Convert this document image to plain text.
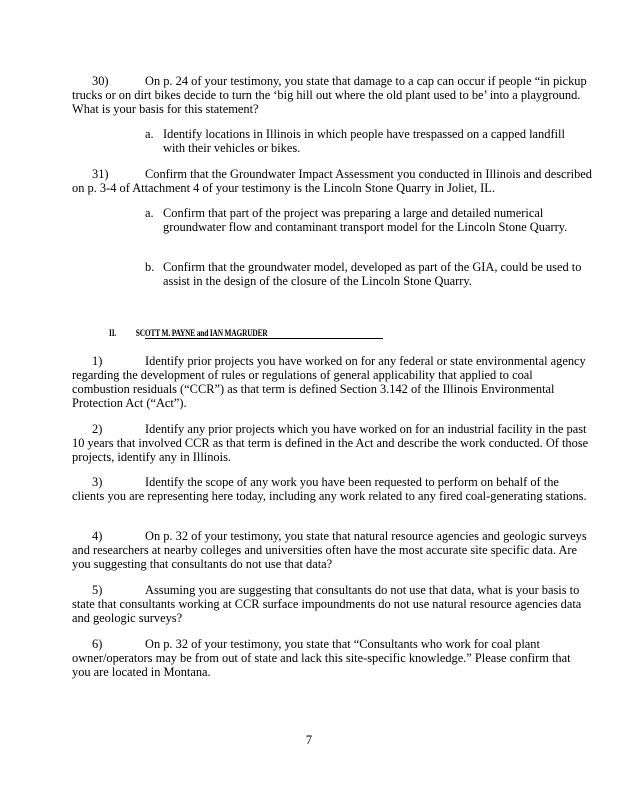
30)	On p. 24 of your testimony, you state that damage to a cap can occur if people “in pickup trucks or on dirt bikes decide to turn the ‘big hill out where the old plant used to be’ into a playground. What is your basis for this statement?
a. Identify locations in Illinois in which people have trespassed on a capped landfill with their vehicles or bikes.
31)	Confirm that the Groundwater Impact Assessment you conducted in Illinois and described on p. 3-4 of Attachment 4 of your testimony is the Lincoln Stone Quarry in Joliet, IL.
a. Confirm that part of the project was preparing a large and detailed numerical groundwater flow and contaminant transport model for the Lincoln Stone Quarry.
b. Confirm that the groundwater model, developed as part of the GIA, could be used to assist in the design of the closure of the Lincoln Stone Quarry.
II. SCOTT M. PAYNE and IAN MAGRUDER
1)	Identify prior projects you have worked on for any federal or state environmental agency regarding the development of rules or regulations of general applicability that applied to coal combustion residuals (“CCR”) as that term is defined Section 3.142 of the Illinois Environmental Protection Act (“Act”).
2)	Identify any prior projects which you have worked on for an industrial facility in the past 10 years that involved CCR as that term is defined in the Act and describe the work conducted. Of those projects, identify any in Illinois.
3)	Identify the scope of any work you have been requested to perform on behalf of the clients you are representing here today, including any work related to any fired coal-generating stations.
4)	On p. 32 of your testimony, you state that natural resource agencies and geologic surveys and researchers at nearby colleges and universities often have the most accurate site specific data. Are you suggesting that consultants do not use that data?
5)	Assuming you are suggesting that consultants do not use that data, what is your basis to state that consultants working at CCR surface impoundments do not use natural resource agencies data and geologic surveys?
6)	On p. 32 of your testimony, you state that “Consultants who work for coal plant owner/operators may be from out of state and lack this site-specific knowledge.” Please confirm that you are located in Montana.
7
